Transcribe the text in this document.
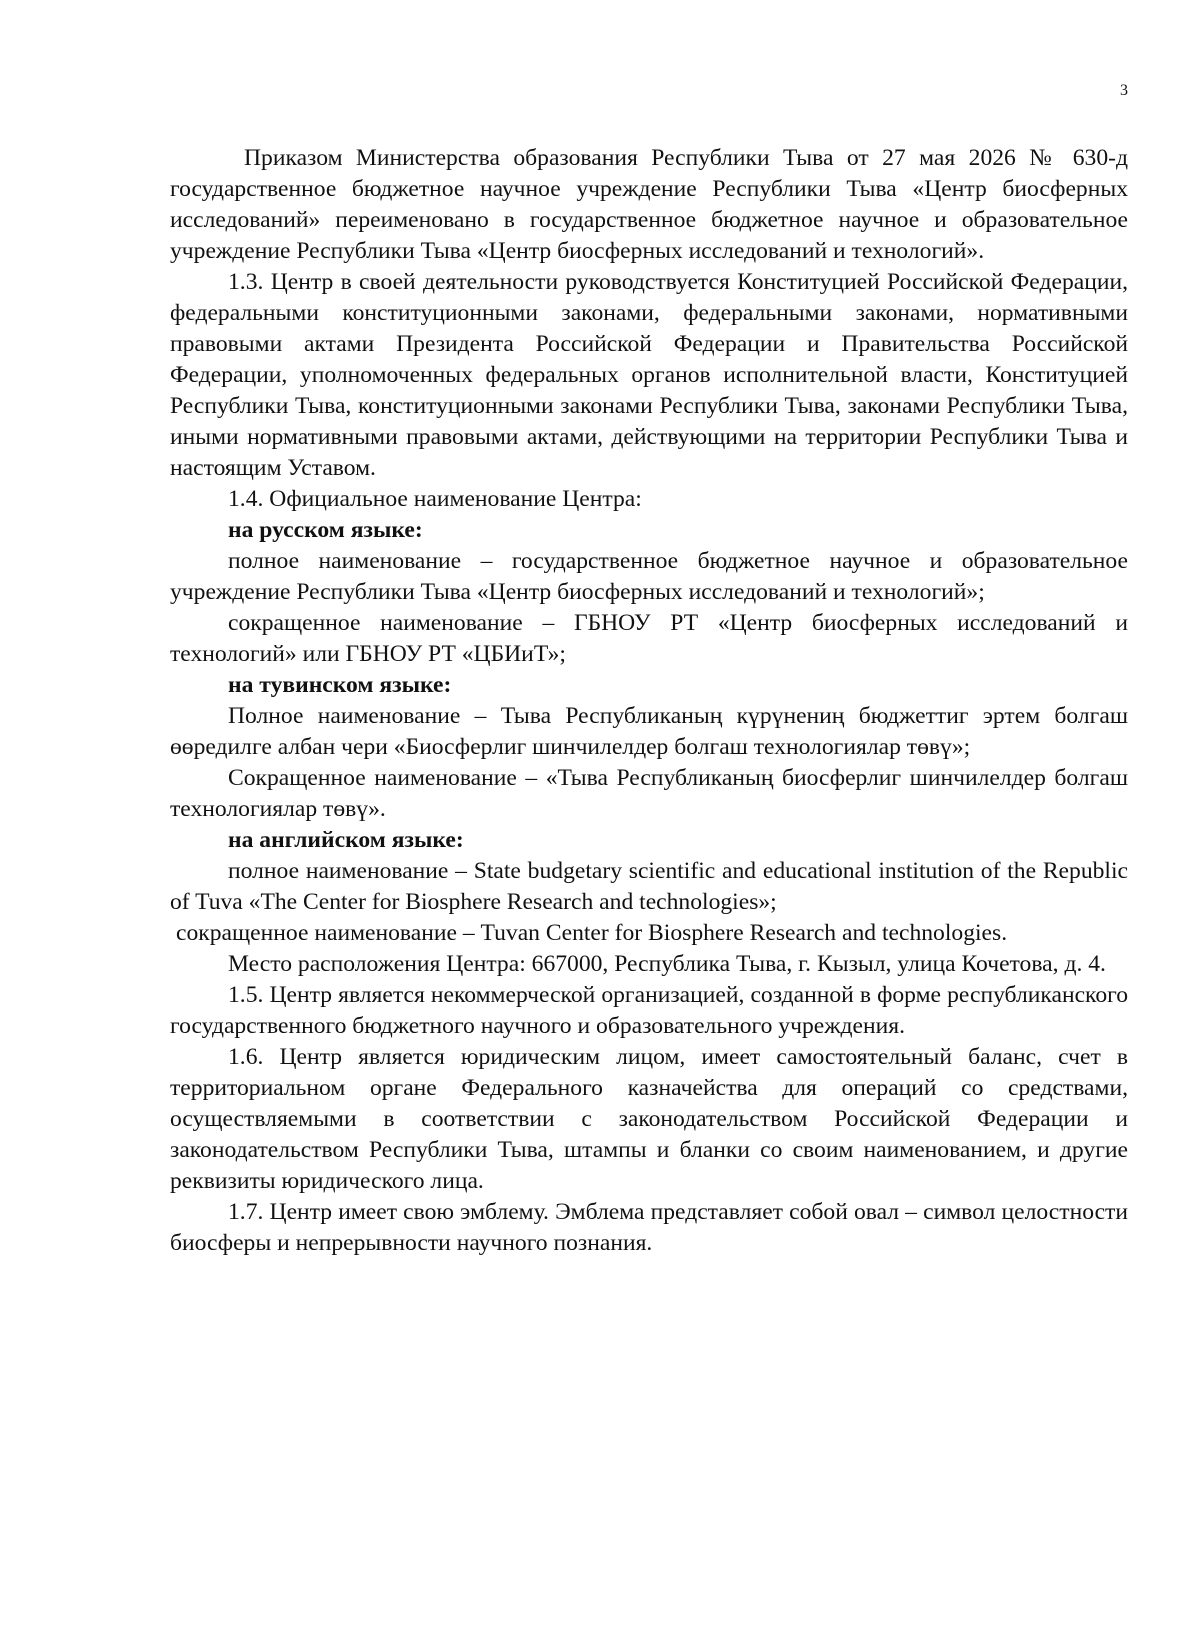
3

Приказом Министерства образования Республики Тыва от 27 мая 2026 № 630-д государственное бюджетное научное учреждение Республики Тыва «Центр биосферных исследований» переименовано в государственное бюджетное научное и образовательное учреждение Республики Тыва «Центр биосферных исследований и технологий».

1.3. Центр в своей деятельности руководствуется Конституцией Российской Федерации, федеральными конституционными законами, федеральными законами, нормативными правовыми актами Президента Российской Федерации и Правительства Российской Федерации, уполномоченных федеральных органов исполнительной власти, Конституцией Республики Тыва, конституционными законами Республики Тыва, законами Республики Тыва, иными нормативными правовыми актами, действующими на территории Республики Тыва и настоящим Уставом.

1.4. Официальное наименование Центра:

на русском языке:

полное наименование – государственное бюджетное научное и образовательное учреждение Республики Тыва «Центр биосферных исследований и технологий»;

сокращенное наименование – ГБНОУ РТ «Центр биосферных исследований и технологий» или ГБНОУ РТ «ЦБИиТ»;

на тувинском языке:

Полное наименование – Тыва Республиканың күрүнениң бюджеттиг эртем болгаш өөредилге албан чери «Биосферлиг шинчилелдер болгаш технологиялар төвү»;

Сокращенное наименование – «Тыва Республиканың биосферлиг шинчилелдер болгаш технологиялар төвү».

на английском языке:

полное наименование – State budgetary scientific and educational institution of the Republic of Tuva «The Center for Biosphere Research and technologies»;

сокращенное наименование – Tuvan Center for Biosphere Research and technologies.

Место расположения Центра: 667000, Республика Тыва, г. Кызыл, улица Кочетова, д. 4.

1.5. Центр является некоммерческой организацией, созданной в форме республиканского государственного бюджетного научного и образовательного учреждения.

1.6. Центр является юридическим лицом, имеет самостоятельный баланс, счет в территориальном органе Федерального казначейства для операций со средствами, осуществляемыми в соответствии с законодательством Российской Федерации и законодательством Республики Тыва, штампы и бланки со своим наименованием, и другие реквизиты юридического лица.

1.7. Центр имеет свою эмблему. Эмблема представляет собой овал – символ целостности биосферы и непрерывности научного познания.
